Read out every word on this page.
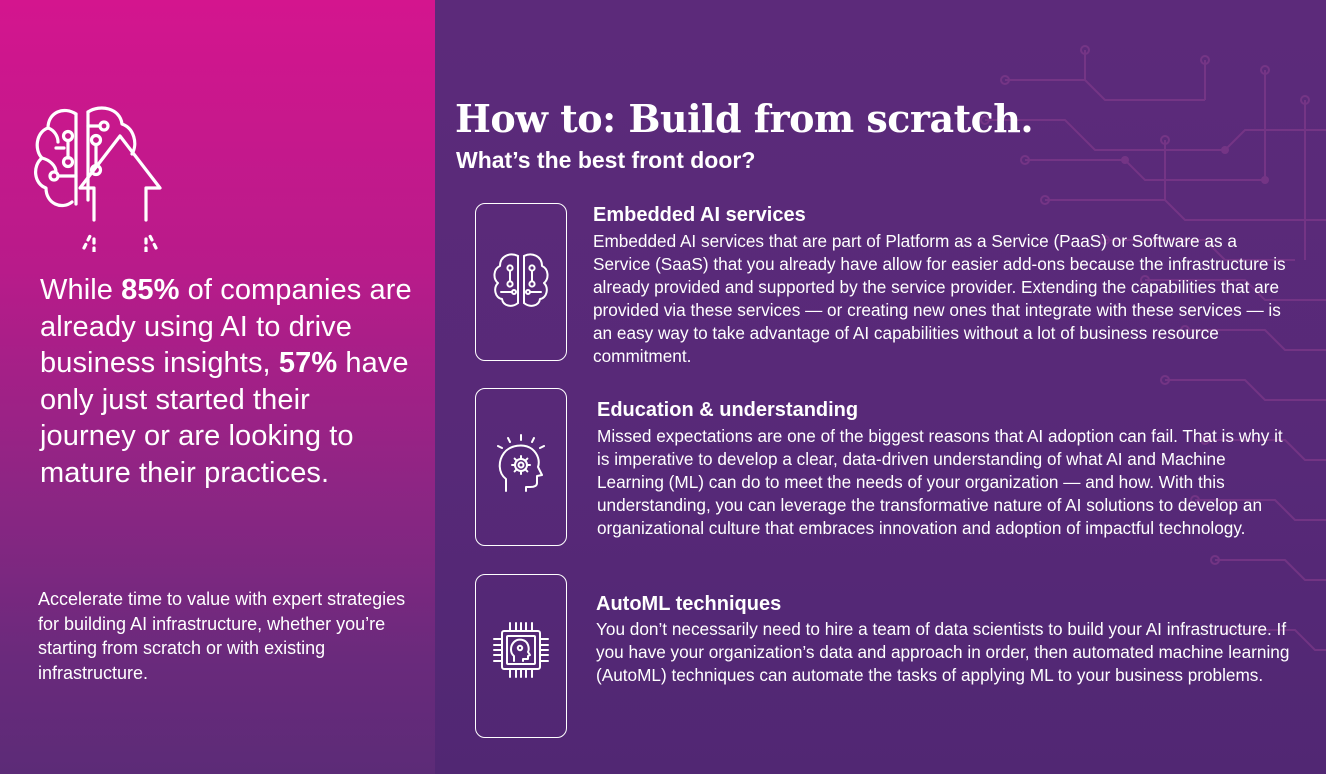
While 85% of companies are already using AI to drive business insights, 57% have only just started their journey or are looking to mature their practices.
Accelerate time to value with expert strategies for building AI infrastructure, whether you’re starting from scratch or with existing infrastructure.
How to: Build from scratch.
What’s the best front door?
Embedded AI services

Embedded AI services that are part of Platform as a Service (PaaS) or Software as a Service (SaaS) that you already have allow for easier add-ons because the infrastructure is already provided and supported by the service provider. Extending the capabilities that are provided via these services — or creating new ones that integrate with these services — is an easy way to take advantage of AI capabilities without a lot of business resource commitment.

Education & understanding

Missed expectations are one of the biggest reasons that AI adoption can fail. That is why it is imperative to develop a clear, data-driven understanding of what AI and Machine Learning (ML) can do to meet the needs of your organization — and how. With this understanding, you can leverage the transformative nature of AI solutions to develop an organizational culture that embraces innovation and adoption of impactful technology.

AutoML techniques

You don’t necessarily need to hire a team of data scientists to build your AI infrastructure. If you have your organization’s data and approach in order, then automated machine learning (AutoML) techniques can automate the tasks of applying ML to your business problems.
